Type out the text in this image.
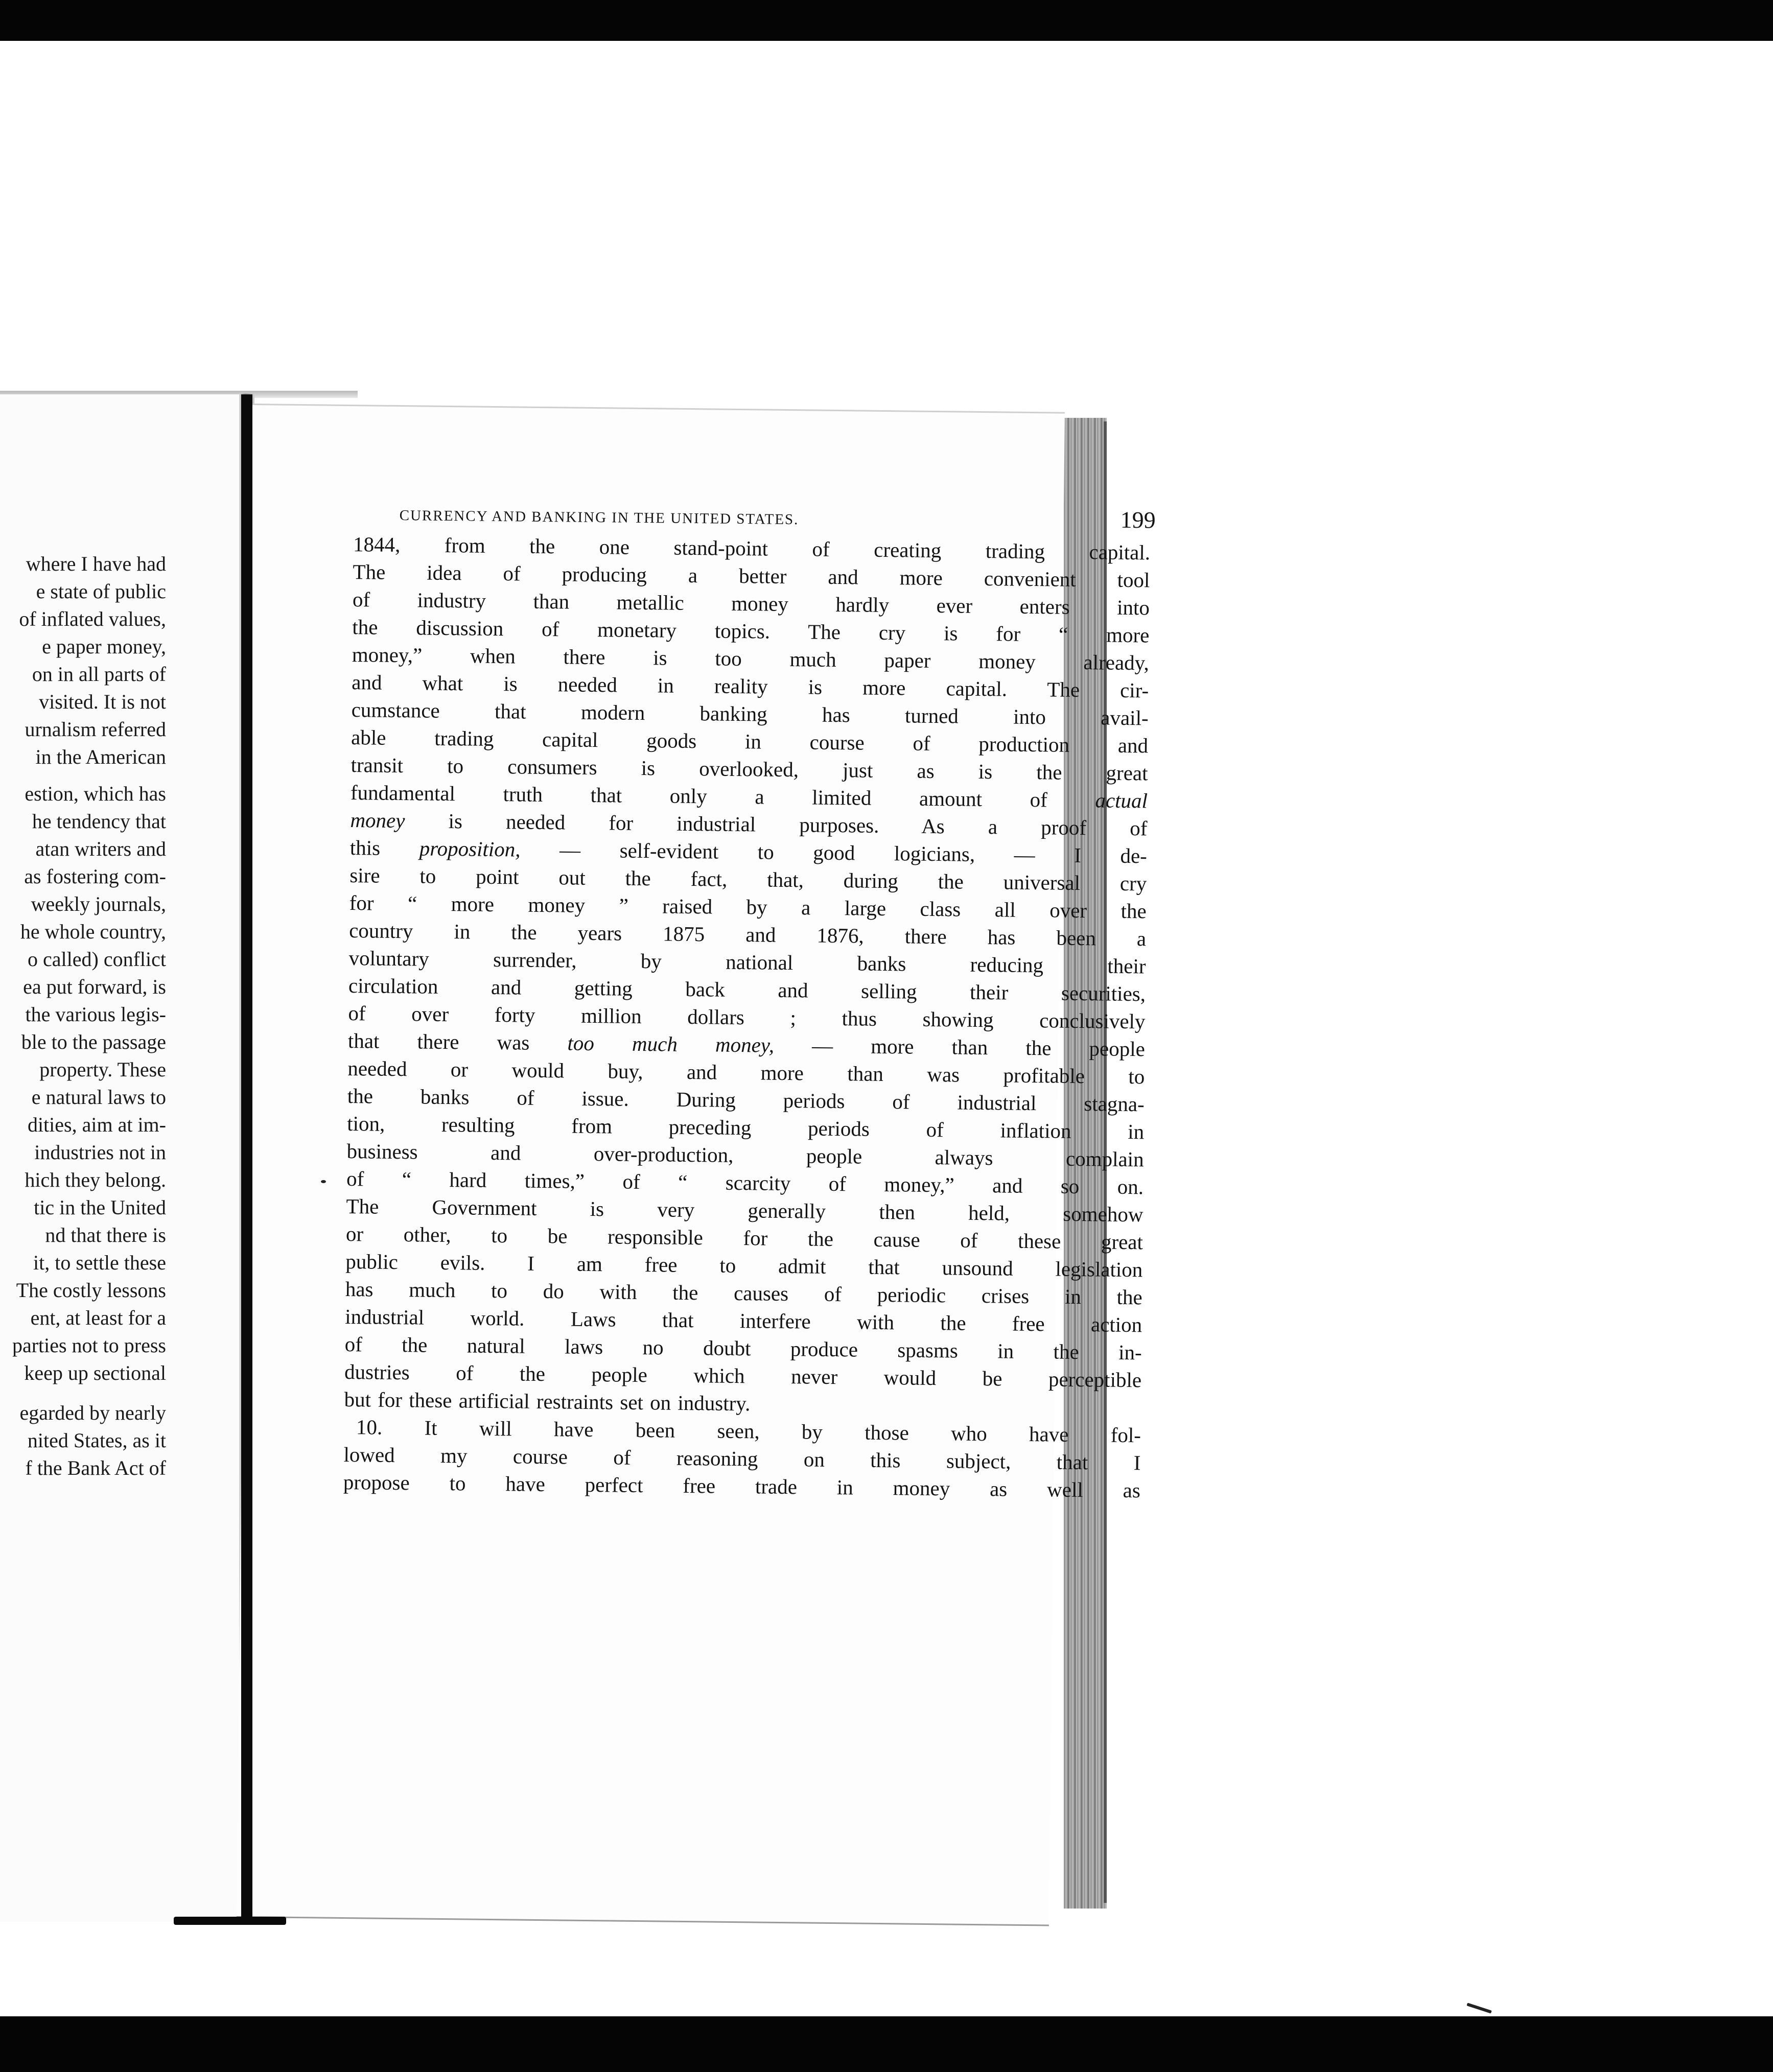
where I have had
e state of public
of inflated values,
e paper money,
on in all parts of
visited. It is not
urnalism referred
in the American
estion, which has
he tendency that
atan writers and
as fostering com-
weekly journals,
he whole country,
o called) conflict
ea put forward, is
the various legis-
ble to the passage
property. These
e natural laws to
dities, aim at im-
industries not in
hich they belong.
tic in the United
nd that there is
it, to settle these
The costly lessons
ent, at least for a
parties not to press
keep up sectional
egarded by nearly
nited States, as it
f the Bank Act of
CURRENCY AND BANKING IN THE UNITED STATES.	199
1844, from the one stand-point of creating trading capital.
The idea of producing a better and more convenient tool
of industry than metallic money hardly ever enters into
the discussion of monetary topics. The cry is for “ more
money,” when there is too much paper money already,
and what is needed in reality is more capital. The cir-
cumstance that modern banking has turned into avail-
able trading capital goods in course of production and
transit to consumers is overlooked, just as is the great
fundamental truth that only a limited amount of actual
money is needed for industrial purposes. As a proof of
this proposition, — self-evident to good logicians, — I de-
sire to point out the fact, that, during the universal cry
for “ more money ” raised by a large class all over the
country in the years 1875 and 1876, there has been a
voluntary surrender, by national banks reducing their
circulation and getting back and selling their securities,
of over forty million dollars ; thus showing conclusively
that there was too much money, — more than the people
needed or would buy, and more than was profitable to
the banks of issue. During periods of industrial stagna-
tion, resulting from preceding periods of inflation in
business and over-production, people always complain
of “ hard times,” of “ scarcity of money,” and so on.
The Government is very generally then held, somehow
or other, to be responsible for the cause of these great
public evils. I am free to admit that unsound legislation
has much to do with the causes of periodic crises in the
industrial world. Laws that interfere with the free action
of the natural laws no doubt produce spasms in the in-
dustries of the people which never would be perceptible
but for these artificial restraints set on industry.
10. It will have been seen, by those who have fol-
lowed my course of reasoning on this subject, that I
propose to have perfect free trade in money as well as
